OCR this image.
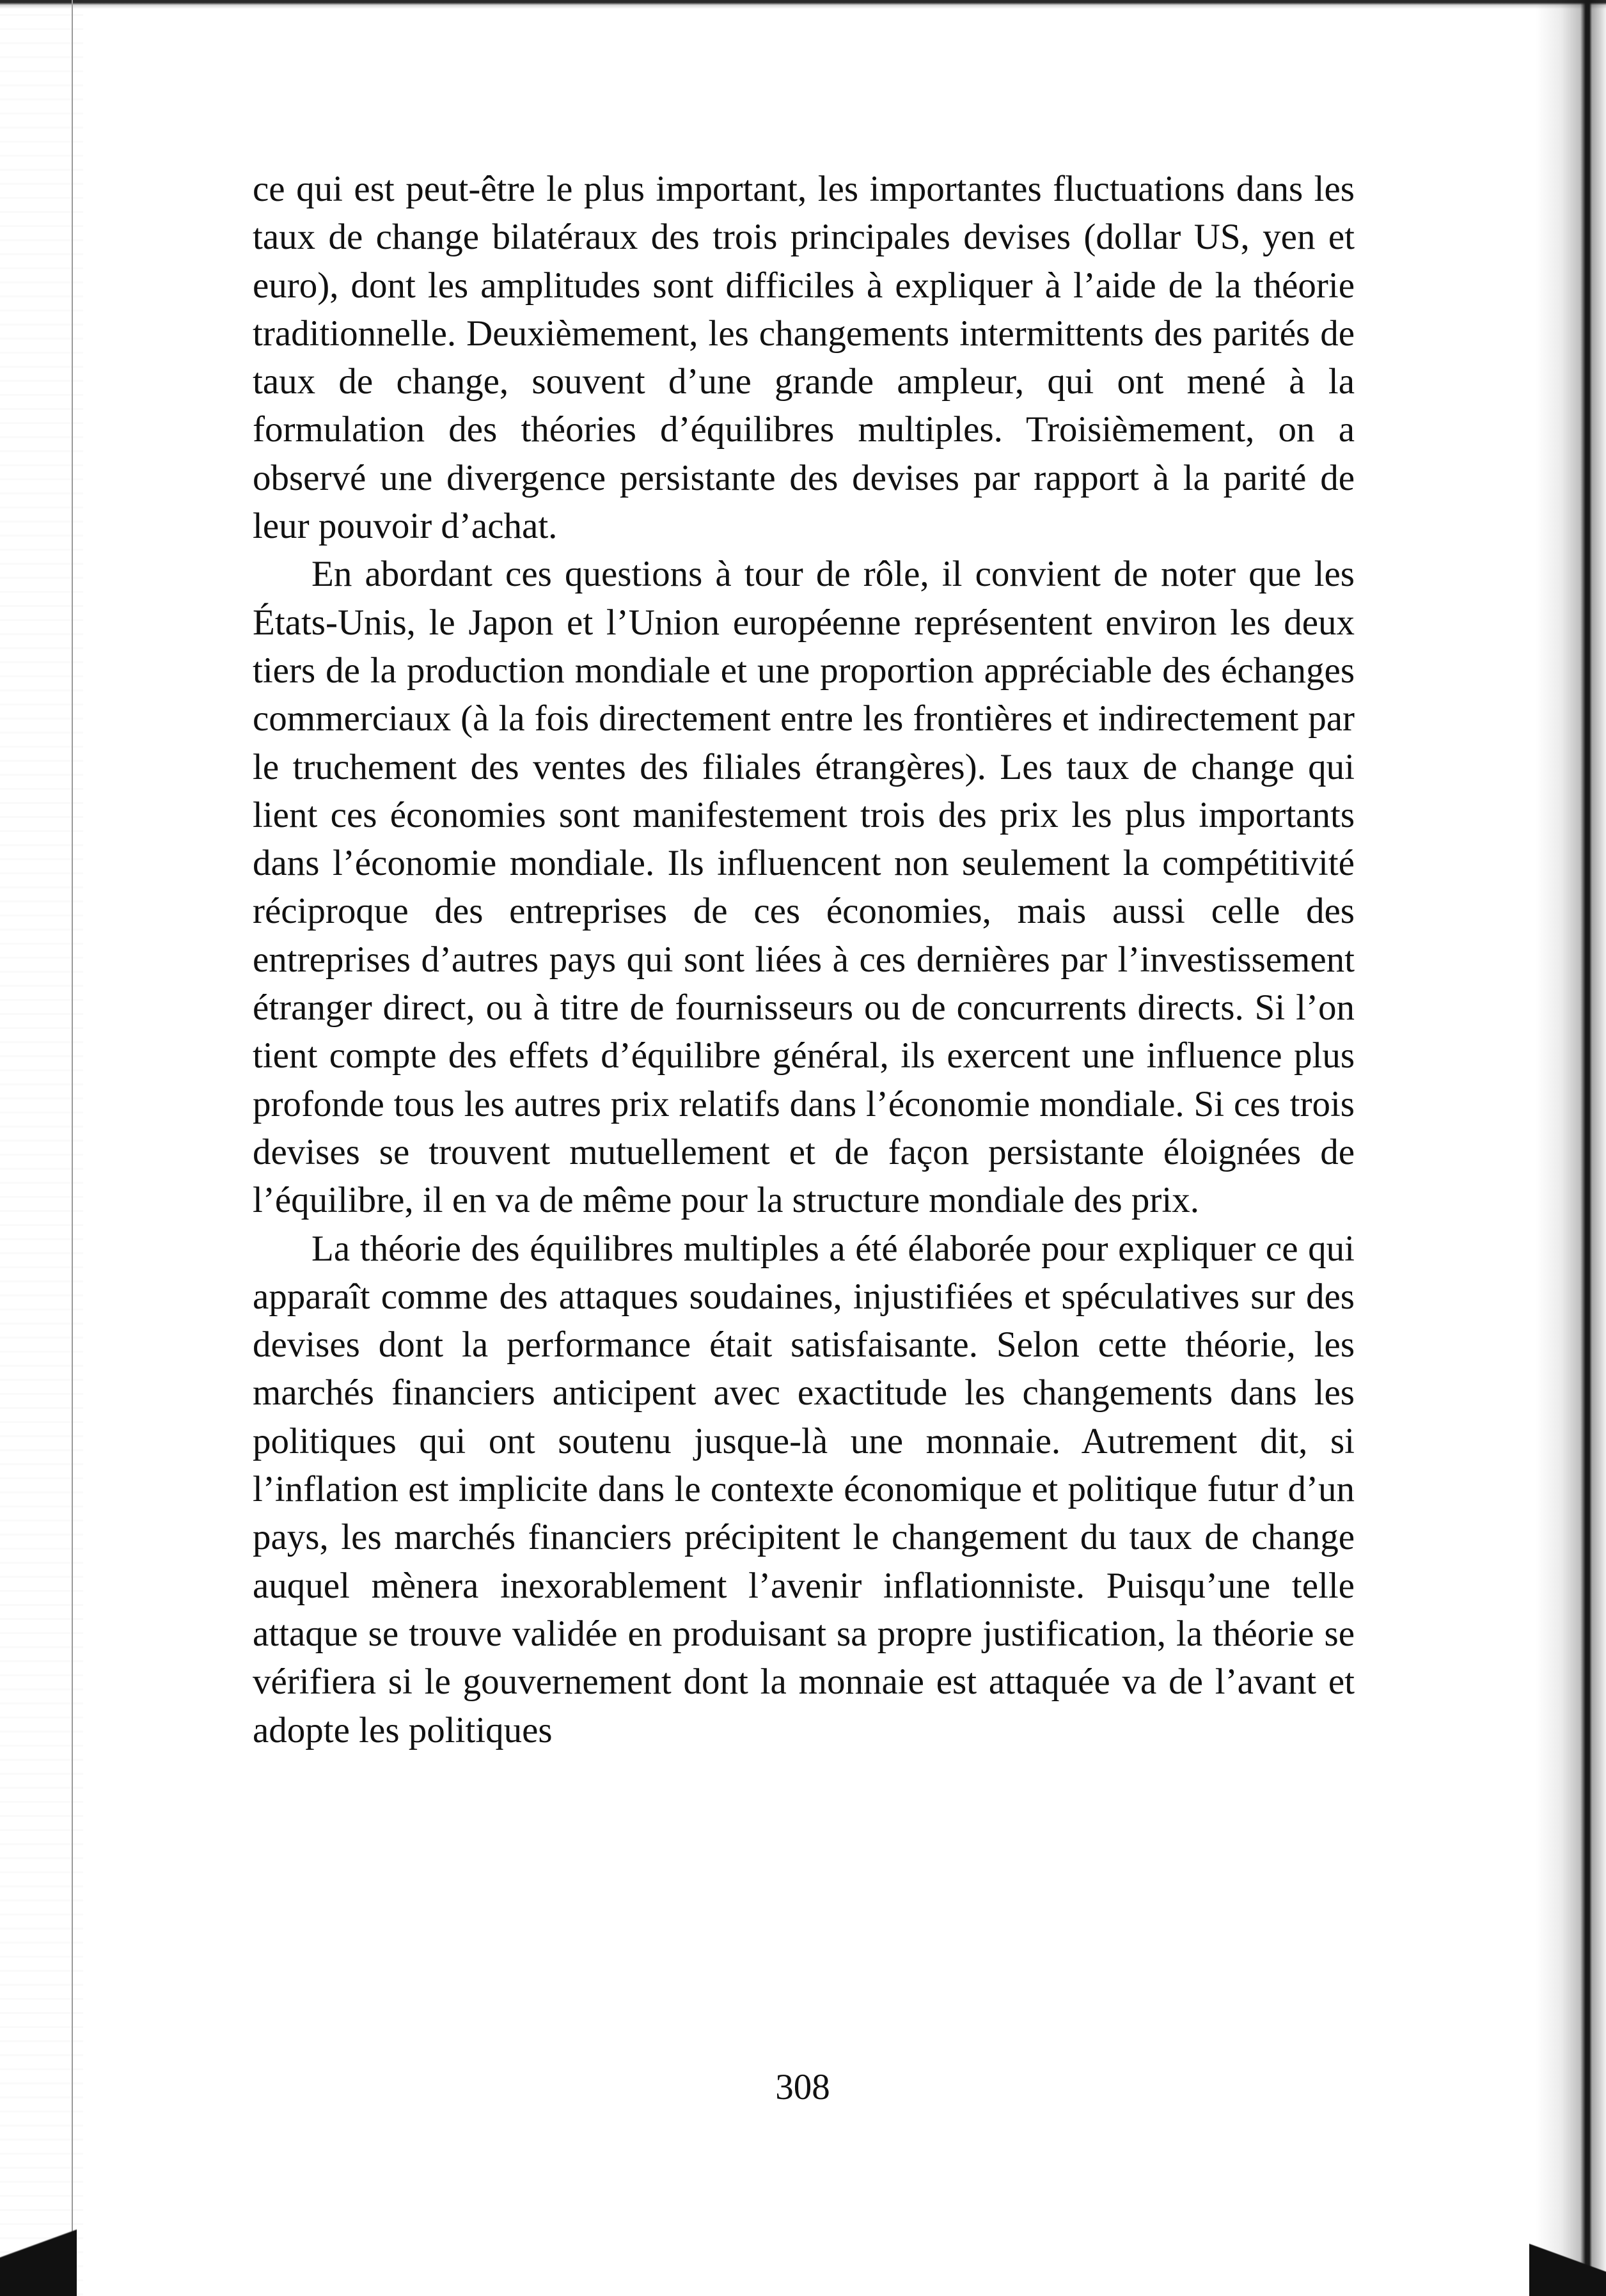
ce qui est peut-être le plus important, les importantes fluctuations dans les taux de change bilatéraux des trois principales devises (dollar US, yen et euro), dont les amplitudes sont difficiles à expliquer à l’aide de la théorie traditionnelle. Deuxièmement, les changements intermittents des parités de taux de change, souvent d’une grande ampleur, qui ont mené à la formulation des théories d’équilibres multiples. Troisièmement, on a observé une divergence persistante des devises par rapport à la parité de leur pouvoir d’achat.

En abordant ces questions à tour de rôle, il convient de noter que les États-Unis, le Japon et l’Union européenne représentent environ les deux tiers de la production mondiale et une proportion appréciable des échanges commerciaux (à la fois directement entre les frontières et indirectement par le truchement des ventes des filiales étrangères). Les taux de change qui lient ces économies sont manifestement trois des prix les plus importants dans l’économie mondiale. Ils influencent non seulement la compétitivité réciproque des entreprises de ces économies, mais aussi celle des entreprises d’autres pays qui sont liées à ces dernières par l’investissement étranger direct, ou à titre de fournisseurs ou de concurrents directs. Si l’on tient compte des effets d’équilibre général, ils exercent une influence plus profonde tous les autres prix relatifs dans l’économie mondiale. Si ces trois devises se trouvent mutuellement et de façon persistante éloignées de l’équilibre, il en va de même pour la structure mondiale des prix.

La théorie des équilibres multiples a été élaborée pour expliquer ce qui apparaît comme des attaques soudaines, injustifiées et spéculatives sur des devises dont la performance était satisfaisante. Selon cette théorie, les marchés financiers anticipent avec exactitude les changements dans les politiques qui ont soutenu jusque-là une monnaie. Autrement dit, si l’inflation est implicite dans le contexte économique et politique futur d’un pays, les marchés financiers précipitent le changement du taux de change auquel mènera inexorablement l’avenir inflationniste. Puisqu’une telle attaque se trouve validée en produisant sa propre justification, la théorie se vérifiera si le gouvernement dont la monnaie est attaquée va de l’avant et adopte les politiques

308
